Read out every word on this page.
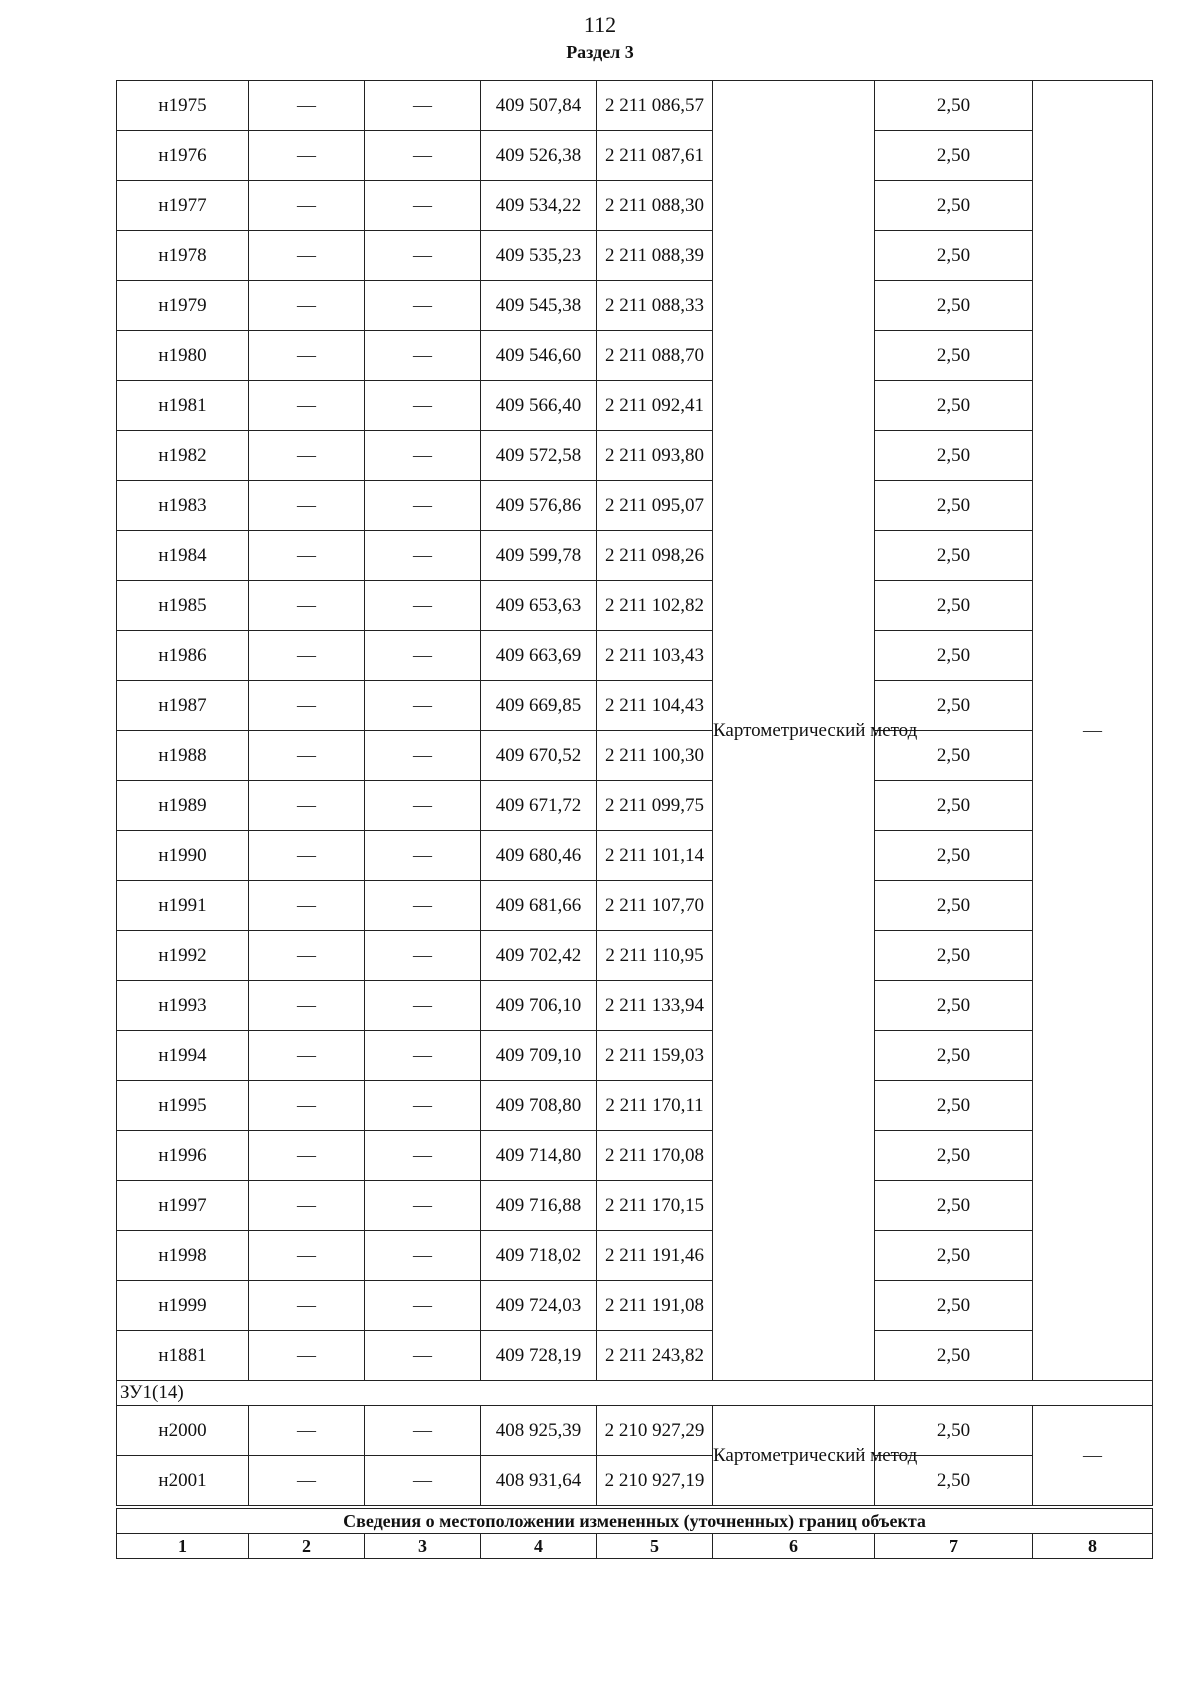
112
Раздел 3
н1975	—	—	409 507,84	2 211 086,57	Картометрический метод	2,50	—
н1976	—	—	409 526,38	2 211 087,61		2,50	
н1977	—	—	409 534,22	2 211 088,30		2,50	
н1978	—	—	409 535,23	2 211 088,39		2,50	
н1979	—	—	409 545,38	2 211 088,33		2,50	
н1980	—	—	409 546,60	2 211 088,70		2,50	
н1981	—	—	409 566,40	2 211 092,41		2,50	
н1982	—	—	409 572,58	2 211 093,80		2,50	
н1983	—	—	409 576,86	2 211 095,07		2,50	
н1984	—	—	409 599,78	2 211 098,26		2,50	
н1985	—	—	409 653,63	2 211 102,82		2,50	
н1986	—	—	409 663,69	2 211 103,43		2,50	
н1987	—	—	409 669,85	2 211 104,43		2,50	
н1988	—	—	409 670,52	2 211 100,30		2,50	
н1989	—	—	409 671,72	2 211 099,75		2,50	
н1990	—	—	409 680,46	2 211 101,14		2,50	
н1991	—	—	409 681,66	2 211 107,70		2,50	
н1992	—	—	409 702,42	2 211 110,95		2,50	
н1993	—	—	409 706,10	2 211 133,94		2,50	
н1994	—	—	409 709,10	2 211 159,03		2,50	
н1995	—	—	409 708,80	2 211 170,11		2,50	
н1996	—	—	409 714,80	2 211 170,08		2,50	
н1997	—	—	409 716,88	2 211 170,15		2,50	
н1998	—	—	409 718,02	2 211 191,46		2,50	
н1999	—	—	409 724,03	2 211 191,08		2,50	
н1881	—	—	409 728,19	2 211 243,82		2,50	
ЗУ1(14)							
н2000	—	—	408 925,39	2 210 927,29	Картометрический метод	2,50	—
н2001	—	—	408 931,64	2 210 927,19		2,50	
Сведения о местоположении измененных (уточненных) границ объекта							
1	2	3	4	5	6	7	8
